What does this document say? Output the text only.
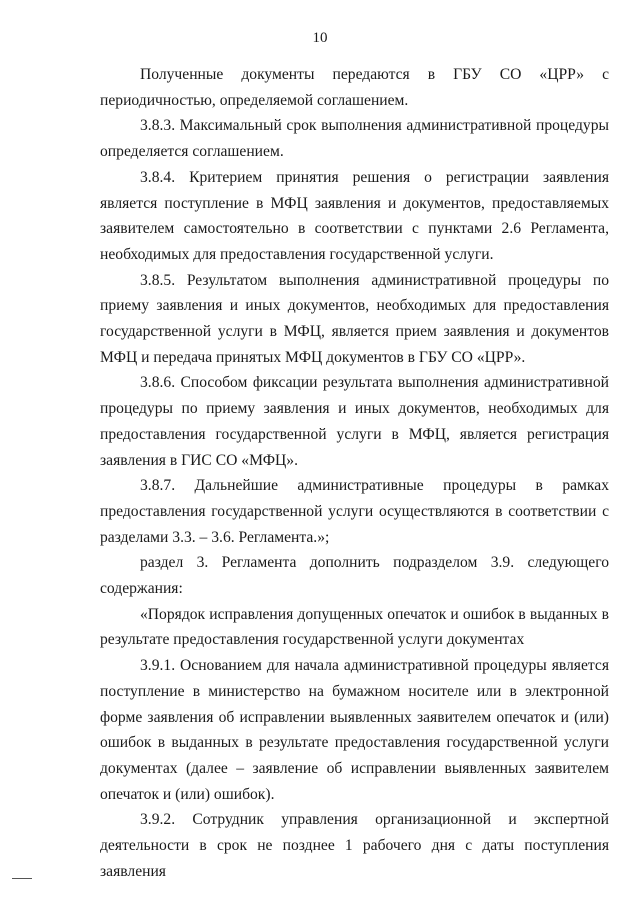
10

Полученные документы передаются в ГБУ СО «ЦРР» с периодичностью, определяемой соглашением.

3.8.3. Максимальный срок выполнения административной процедуры определяется соглашением.

3.8.4. Критерием принятия решения о регистрации заявления является поступление в МФЦ заявления и документов, предоставляемых заявителем самостоятельно в соответствии с пунктами 2.6 Регламента, необходимых для предоставления государственной услуги.

3.8.5. Результатом выполнения административной процедуры по приему заявления и иных документов, необходимых для предоставления государственной услуги в МФЦ, является прием заявления и документов МФЦ и передача принятых МФЦ документов в ГБУ СО «ЦРР».

3.8.6. Способом фиксации результата выполнения административной процедуры по приему заявления и иных документов, необходимых для предоставления государственной услуги в МФЦ, является регистрация заявления в ГИС СО «МФЦ».

3.8.7. Дальнейшие административные процедуры в рамках предоставления государственной услуги осуществляются в соответствии с разделами 3.3. – 3.6. Регламента.»;

раздел 3. Регламента дополнить подразделом 3.9. следующего содержания:

«Порядок исправления допущенных опечаток и ошибок в выданных в результате предоставления государственной услуги документах

3.9.1. Основанием для начала административной процедуры является поступление в министерство на бумажном носителе или в электронной форме заявления об исправлении выявленных заявителем опечаток и (или) ошибок в выданных в результате предоставления государственной услуги документах (далее – заявление об исправлении выявленных заявителем опечаток и (или) ошибок).

3.9.2. Сотрудник управления организационной и экспертной деятельности в срок не позднее 1 рабочего дня с даты поступления заявления
